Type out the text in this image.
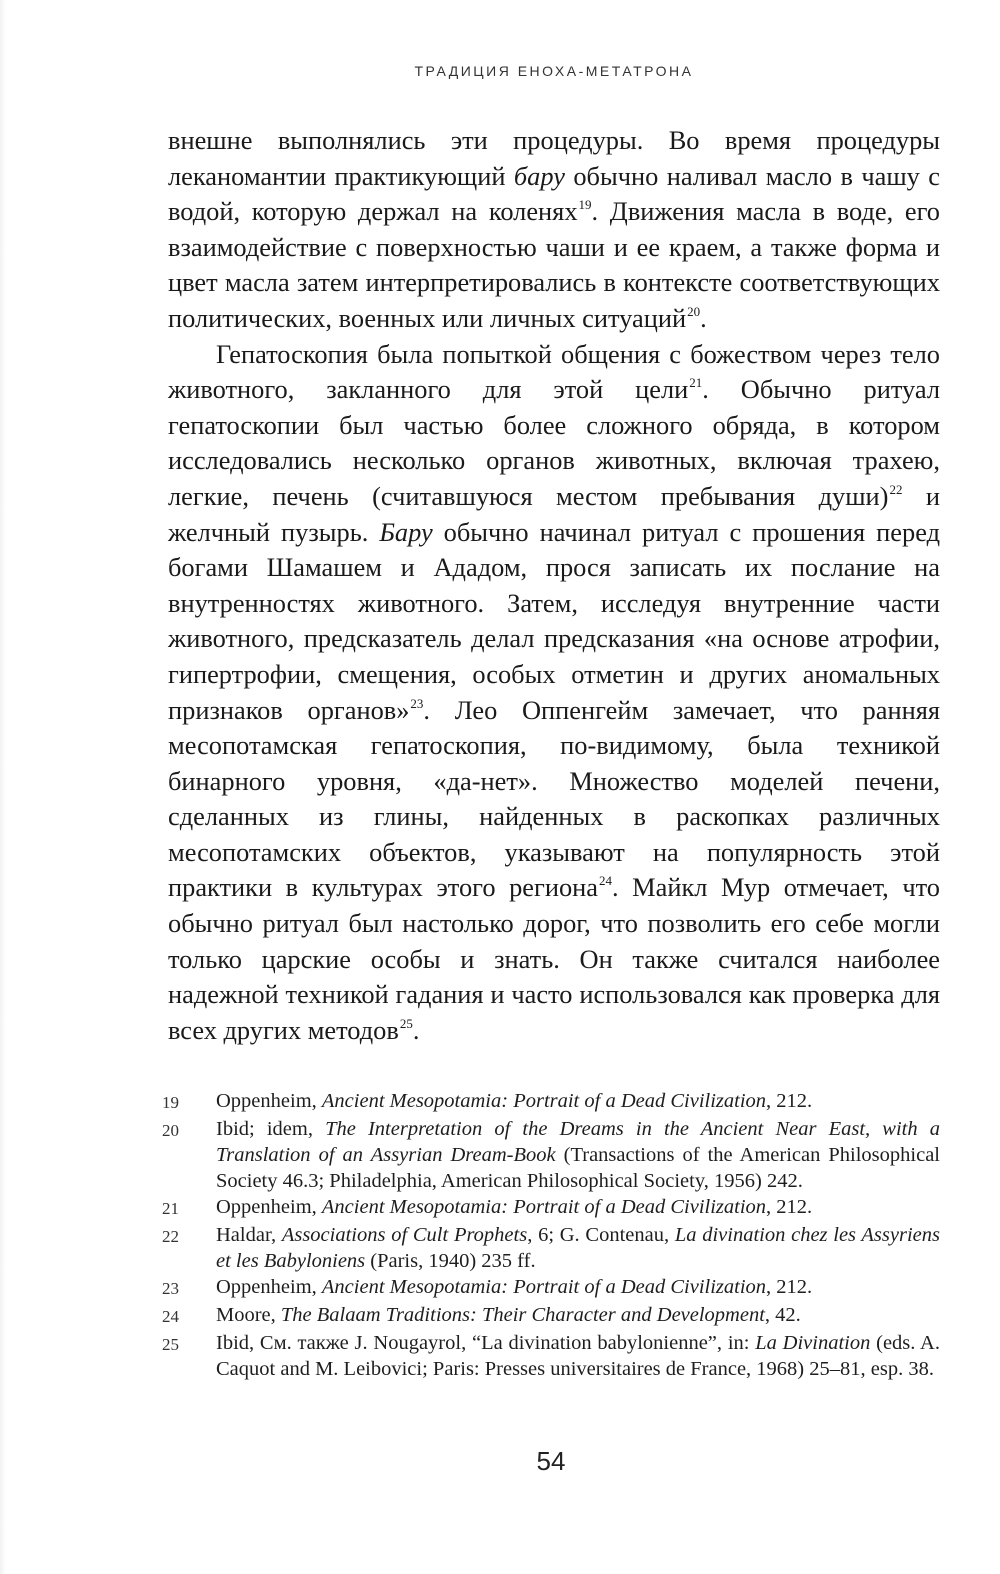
ТРАДИЦИЯ ЕНОХА-МЕТАТРОНА

внешне выполнялись эти процедуры. Во время процедуры леканомантии практикующий бару обычно наливал масло в чашу с водой, которую держал на коленях$^{19}$. Движения масла в воде, его взаимодействие с поверхностью чаши и ее краем, а также форма и цвет масла затем интерпретировались в контексте соответствующих политических, военных или личных ситуаций$^{20}$.

Гепатоскопия была попыткой общения с божеством через тело животного, закланного для этой цели$^{21}$. Обычно ритуал гепатоскопии был частью более сложного обряда, в котором исследовались несколько органов животных, включая трахею, легкие, печень (считавшуюся местом пребывания души)$^{22}$ и желчный пузырь. Бару обычно начинал ритуал с прошения перед богами Шамашем и Ададом, прося записать их послание на внутренностях животного. Затем, исследуя внутренние части животного, предсказатель делал предсказания «на основе атрофии, гипертрофии, смещения, особых отметин и других аномальных признаков органов»$^{23}$. Лео Оппенгейм замечает, что ранняя месопотамская гепатоскопия, по-видимому, была техникой бинарного уровня, «да-нет». Множество моделей печени, сделанных из глины, найденных в раскопках различных месопотамских объектов, указывают на популярность этой практики в культурах этого региона$^{24}$. Майкл Мур отмечает, что обычно ритуал был настолько дорог, что позволить его себе могли только царские особы и знать. Он также считался наиболее надежной техникой гадания и часто использовался как проверка для всех других методов$^{25}$.

19	Oppenheim, Ancient Mesopotamia: Portrait of a Dead Civilization, 212.
20	Ibid; idem, The Interpretation of the Dreams in the Ancient Near East, with a Translation of an Assyrian Dream-Book (Transactions of the American Philosophical Society 46.3; Philadelphia, American Philosophical Society, 1956) 242.
21	Oppenheim, Ancient Mesopotamia: Portrait of a Dead Civilization, 212.
22	Haldar, Associations of Cult Prophets, 6; G. Contenau, La divination chez les Assyriens et les Babyloniens (Paris, 1940) 235 ff.
23	Oppenheim, Ancient Mesopotamia: Portrait of a Dead Civilization, 212.
24	Moore, The Balaam Traditions: Their Character and Development, 42.
25	Ibid, См. также J. Nougayrol, “La divination babylonienne”, in: La Divination (eds. A. Caquot and M. Leibovici; Paris: Presses universitaires de France, 1968) 25–81, esp. 38.
54
